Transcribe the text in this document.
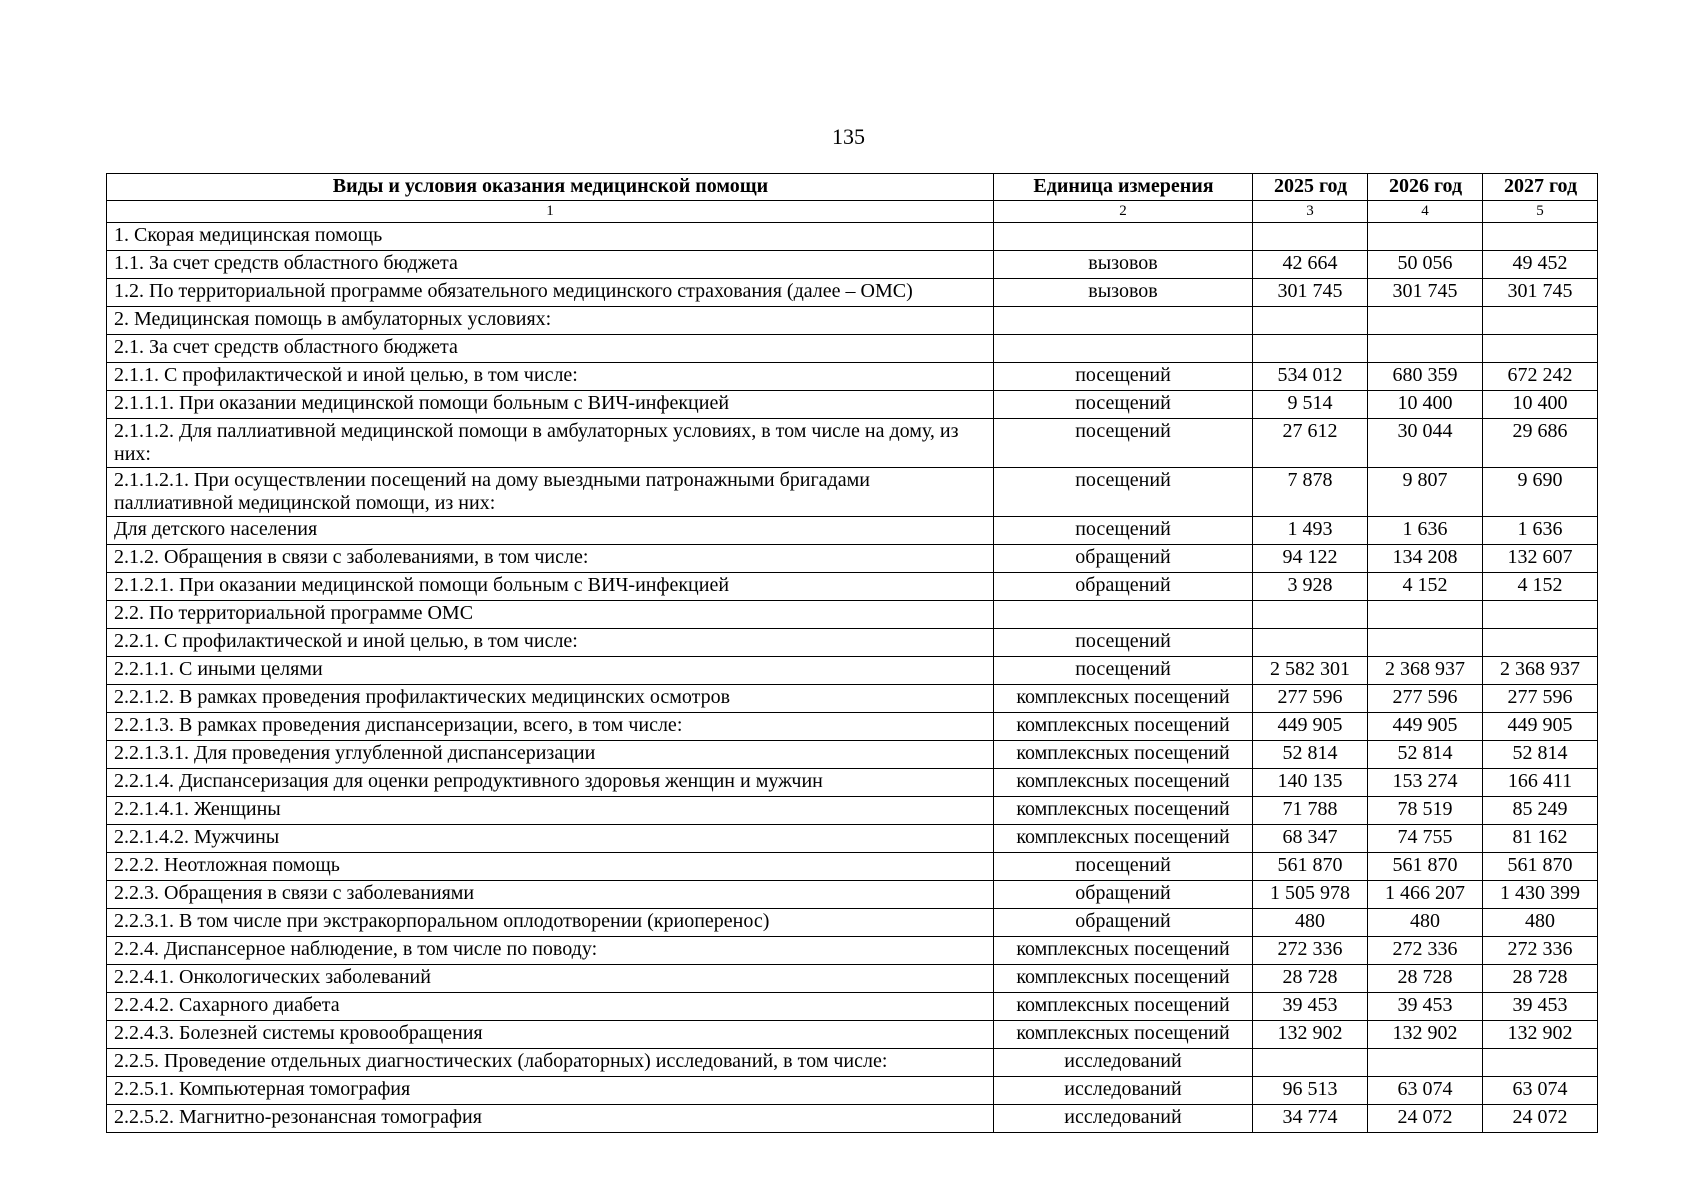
135
Виды и условия оказания медицинской помощи	Единица измерения	2025 год	2026 год	2027 год
1	2	3	4	5
1. Скорая медицинская помощь				
1.1. За счет средств областного бюджета	вызовов	42 664	50 056	49 452
1.2. По территориальной программе обязательного медицинского страхования (далее – ОМС)	вызовов	301 745	301 745	301 745
2. Медицинская помощь в амбулаторных условиях:				
2.1. За счет средств областного бюджета				
2.1.1. С профилактической и иной целью, в том числе:	посещений	534 012	680 359	672 242
2.1.1.1. При оказании медицинской помощи больным с ВИЧ-инфекцией	посещений	9 514	10 400	10 400
2.1.1.2. Для паллиативной медицинской помощи в амбулаторных условиях, в том числе на дому, из них:	посещений	27 612	30 044	29 686
2.1.1.2.1. При осуществлении посещений на дому выездными патронажными бригадами паллиативной медицинской помощи, из них:	посещений	7 878	9 807	9 690
Для детского населения	посещений	1 493	1 636	1 636
2.1.2. Обращения в связи с заболеваниями, в том числе:	обращений	94 122	134 208	132 607
2.1.2.1. При оказании медицинской помощи больным с ВИЧ-инфекцией	обращений	3 928	4 152	4 152
2.2. По территориальной программе ОМС				
2.2.1. С профилактической и иной целью, в том числе:	посещений			
2.2.1.1. С иными целями	посещений	2 582 301	2 368 937	2 368 937
2.2.1.2. В рамках проведения профилактических медицинских осмотров	комплексных посещений	277 596	277 596	277 596
2.2.1.3. В рамках проведения диспансеризации, всего, в том числе:	комплексных посещений	449 905	449 905	449 905
2.2.1.3.1. Для проведения углубленной диспансеризации	комплексных посещений	52 814	52 814	52 814
2.2.1.4. Диспансеризация для оценки репродуктивного здоровья женщин и мужчин	комплексных посещений	140 135	153 274	166 411
2.2.1.4.1. Женщины	комплексных посещений	71 788	78 519	85 249
2.2.1.4.2. Мужчины	комплексных посещений	68 347	74 755	81 162
2.2.2. Неотложная помощь	посещений	561 870	561 870	561 870
2.2.3. Обращения в связи с заболеваниями	обращений	1 505 978	1 466 207	1 430 399
2.2.3.1. В том числе при экстракорпоральном оплодотворении (криоперенос)	обращений	480	480	480
2.2.4. Диспансерное наблюдение, в том числе по поводу:	комплексных посещений	272 336	272 336	272 336
2.2.4.1. Онкологических заболеваний	комплексных посещений	28 728	28 728	28 728
2.2.4.2. Сахарного диабета	комплексных посещений	39 453	39 453	39 453
2.2.4.3. Болезней системы кровообращения	комплексных посещений	132 902	132 902	132 902
2.2.5. Проведение отдельных диагностических (лабораторных) исследований, в том числе:	исследований			
2.2.5.1. Компьютерная томография	исследований	96 513	63 074	63 074
2.2.5.2. Магнитно-резонансная томография	исследований	34 774	24 072	24 072
